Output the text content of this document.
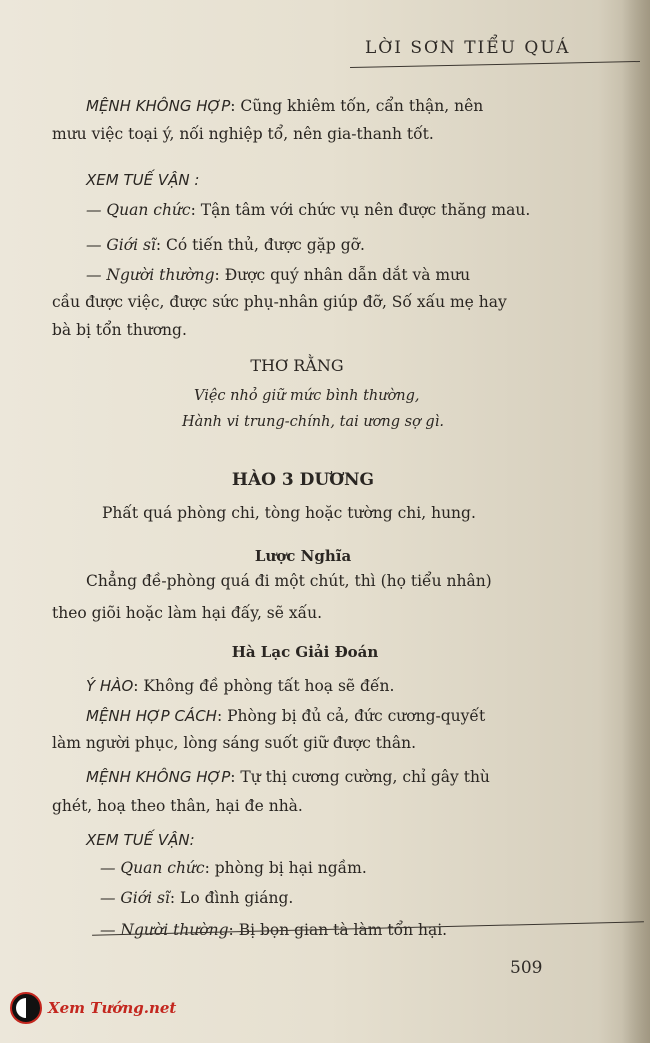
LỜI SƠN TIỂU QUÁ
MỆNH KHÔNG HỢP: Cũng khiêm tốn, cẩn thận, nên
mưu việc toại ý, nối nghiệp tổ, nên gia-thanh tốt.
XEM TUẾ VẬN :
— Quan chức: Tận tâm với chức vụ nên được thăng mau.
— Giới sĩ: Có tiến thủ, được gặp gỡ.
— Người thường: Được quý nhân dẫn dắt và mưu
cầu được việc, được sức phụ-nhân giúp đỡ, Số xấu mẹ hay
bà bị tổn thương.
THƠ RẰNG
Việc nhỏ giữ mức bình thường,
Hành vi trung-chính, tai ương sợ gì.
HÀO 3 DƯƠNG
Phất quá phòng chi, tòng hoặc tường chi, hung.
Lược Nghĩa
Chẳng đề-phòng quá đi một chút, thì (họ tiểu nhân)
theo giõi hoặc làm hại đấy, sẽ xấu.
Hà Lạc Giải Đoán
Ý HÀO: Không đề phòng tất hoạ sẽ đến.
MỆNH HỢP CÁCH: Phòng bị đủ cả, đức cương-quyết
làm người phục, lòng sáng suốt giữ được thân.
MỆNH KHÔNG HỢP: Tự thị cương cường, chỉ gây thù
ghét, hoạ theo thân, hại đe nhà.
XEM TUẾ VẬN:
— Quan chức: phòng bị hại ngầm.
— Giới sĩ: Lo đình giáng.
— Người thường: Bị bọn gian tà làm tổn hại.
509
Xem Tướng.net
